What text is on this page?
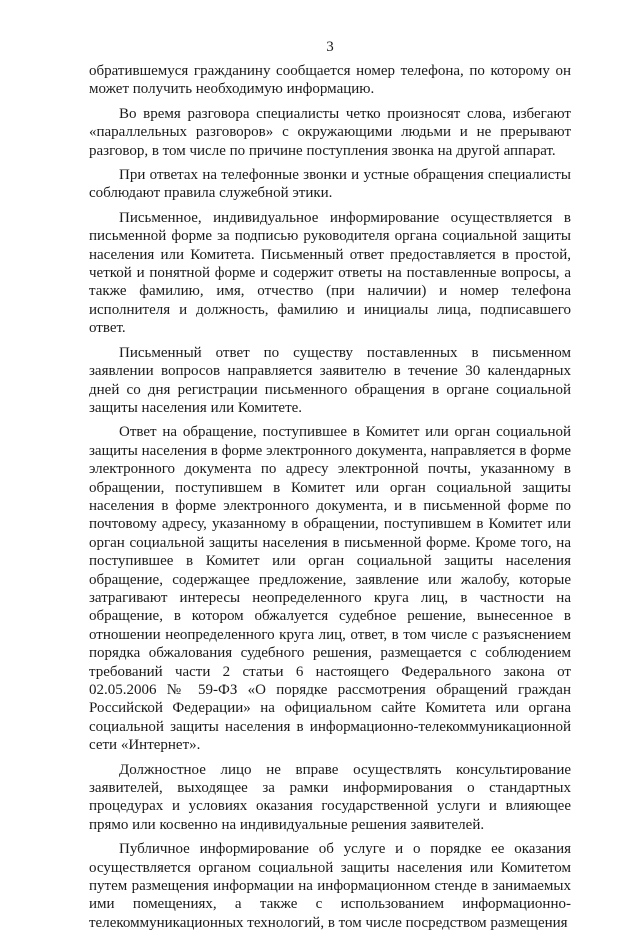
3

обратившемуся гражданину сообщается номер телефона, по которому он может получить необходимую информацию.

Во время разговора специалисты четко произносят слова, избегают «параллельных разговоров» с окружающими людьми и не прерывают разговор, в том числе по причине поступления звонка на другой аппарат.

При ответах на телефонные звонки и устные обращения специалисты соблюдают правила служебной этики.

Письменное, индивидуальное информирование осуществляется в письменной форме за подписью руководителя органа социальной защиты населения или Комитета. Письменный ответ предоставляется в простой, четкой и понятной форме и содержит ответы на поставленные вопросы, а также фамилию, имя, отчество (при наличии) и номер телефона исполнителя и должность, фамилию и инициалы лица, подписавшего ответ.

Письменный ответ по существу поставленных в письменном заявлении вопросов направляется заявителю в течение 30 календарных дней со дня регистрации письменного обращения в органе социальной защиты населения или Комитете.

Ответ на обращение, поступившее в Комитет или орган социальной защиты населения в форме электронного документа, направляется в форме электронного документа по адресу электронной почты, указанному в обращении, поступившем в Комитет или орган социальной защиты населения в форме электронного документа, и в письменной форме по почтовому адресу, указанному в обращении, поступившем в Комитет или орган социальной защиты населения в письменной форме. Кроме того, на поступившее в Комитет или орган социальной защиты населения обращение, содержащее предложение, заявление или жалобу, которые затрагивают интересы неопределенного круга лиц, в частности на обращение, в котором обжалуется судебное решение, вынесенное в отношении неопределенного круга лиц, ответ, в том числе с разъяснением порядка обжалования судебного решения, размещается с соблюдением требований части 2 статьи 6 настоящего Федерального закона от 02.05.2006 № 59-ФЗ «О порядке рассмотрения обращений граждан Российской Федерации» на официальном сайте Комитета или органа социальной защиты населения в информационно-телекоммуникационной сети «Интернет».

Должностное лицо не вправе осуществлять консультирование заявителей, выходящее за рамки информирования о стандартных процедурах и условиях оказания государственной услуги и влияющее прямо или косвенно на индивидуальные решения заявителей.

Публичное информирование об услуге и о порядке ее оказания осуществляется органом социальной защиты населения или Комитетом путем размещения информации на информационном стенде в занимаемых ими помещениях, а также с использованием информационно-телекоммуникационных технологий, в том числе посредством размещения
